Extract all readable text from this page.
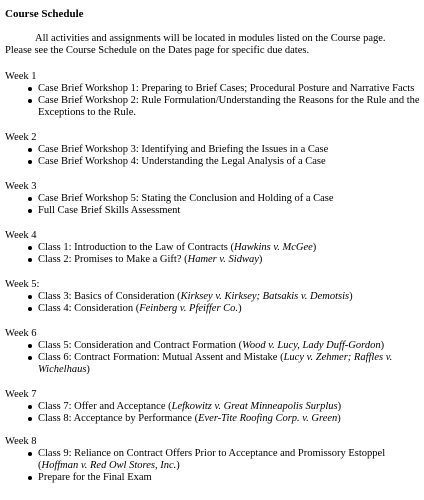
Course Schedule

All activities and assignments will be located in modules listed on the Course page.

Please see the Course Schedule on the Dates page for specific due dates.

Week 1
Case Brief Workshop 1: Preparing to Brief Cases; Procedural Posture and Narrative Facts
Case Brief Workshop 2: Rule Formulation/Understanding the Reasons for the Rule and the Exceptions to the Rule.
Week 2
Case Brief Workshop 3: Identifying and Briefing the Issues in a Case
Case Brief Workshop 4: Understanding the Legal Analysis of a Case
Week 3
Case Brief Workshop 5: Stating the Conclusion and Holding of a Case
Full Case Brief Skills Assessment
Week 4
Class 1: Introduction to the Law of Contracts (Hawkins v. McGee)
Class 2: Promises to Make a Gift? (Hamer v. Sidway)
Week 5:
Class 3: Basics of Consideration (Kirksey v. Kirksey; Batsakis v. Demotsis)
Class 4: Consideration (Feinberg v. Pfeiffer Co.)
Week 6
Class 5: Consideration and Contract Formation (Wood v. Lucy, Lady Duff-Gordon)
Class 6: Contract Formation: Mutual Assent and Mistake (Lucy v. Zehmer; Raffles v. Wichelhaus)
Week 7
Class 7: Offer and Acceptance (Lefkowitz v. Great Minneapolis Surplus)
Class 8: Acceptance by Performance (Ever-Tite Roofing Corp. v. Green)
Week 8
Class 9: Reliance on Contract Offers Prior to Acceptance and Promissory Estoppel (Hoffman v. Red Owl Stores, Inc.)
Prepare for the Final Exam
